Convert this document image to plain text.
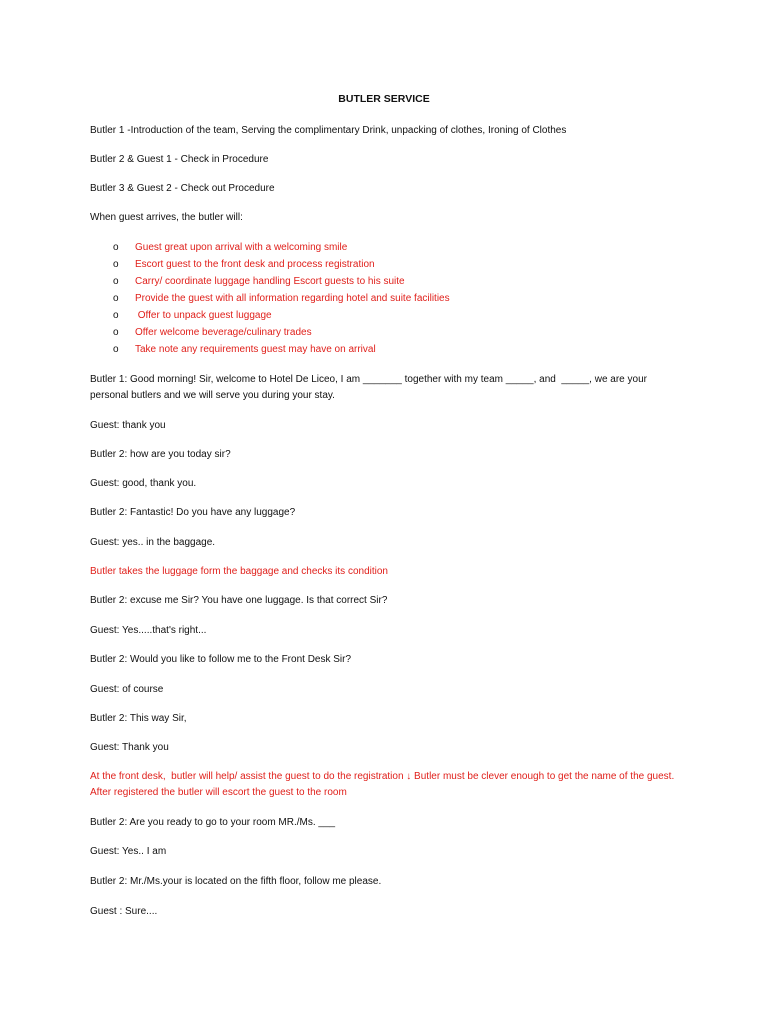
BUTLER SERVICE
Butler 1 -Introduction of the team, Serving the complimentary Drink, unpacking of clothes, Ironing of Clothes
Butler 2 & Guest 1 - Check in Procedure
Butler 3 & Guest 2 - Check out Procedure
When guest arrives, the butler will:
o Guest great upon arrival with a welcoming smile
o Escort guest to the front desk and process registration
o Carry/ coordinate luggage handling Escort guests to his suite
o Provide the guest with all information regarding hotel and suite facilities
o Offer to unpack guest luggage
o Offer welcome beverage/culinary trades
o Take note any requirements guest may have on arrival
Butler 1: Good morning! Sir, welcome to Hotel De Liceo, I am _______ together with my team _____, and  _____, we are your personal butlers and we will serve you during your stay.
Guest: thank you
Butler 2: how are you today sir?
Guest: good, thank you.
Butler 2: Fantastic! Do you have any luggage?
Guest: yes.. in the baggage.
Butler takes the luggage form the baggage and checks its condition
Butler 2: excuse me Sir? You have one luggage. Is that correct Sir?
Guest: Yes.....that's right...
Butler 2: Would you like to follow me to the Front Desk Sir?
Guest: of course
Butler 2: This way Sir,
Guest: Thank you
At the front desk,  butler will help/ assist the guest to do the registration ↓ Butler must be clever enough to get the name of the guest. After registered the butler will escort the guest to the room
Butler 2: Are you ready to go to your room MR./Ms. ___
Guest: Yes.. I am
Butler 2: Mr./Ms.your is located on the fifth floor, follow me please.
Guest : Sure....
